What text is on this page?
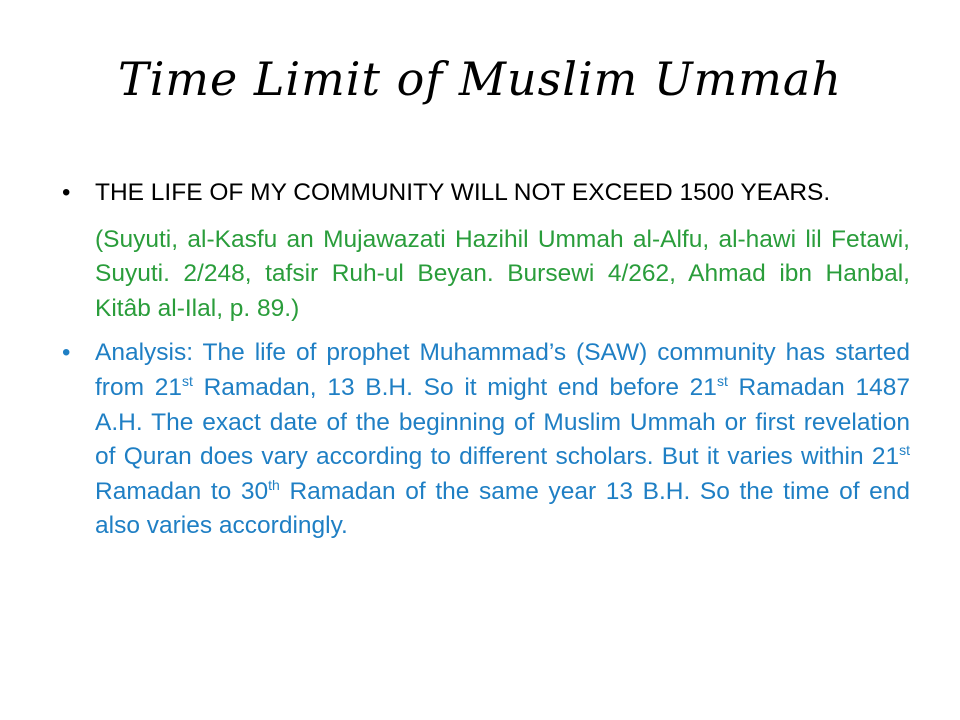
Time Limit of Muslim Ummah
• THE LIFE OF MY COMMUNITY WILL NOT EXCEED 1500 YEARS.
(Suyuti, al-Kasfu an Mujawazati Hazihil Ummah al-Alfu, al-hawi lil Fetawi, Suyuti. 2/248, tafsir Ruh-ul Beyan. Bursewi 4/262, Ahmad ibn Hanbal, Kitâb al-Ilal, p. 89.)
• Analysis: The life of prophet Muhammad’s (SAW) community has started from 21st Ramadan, 13 B.H. So it might end before 21st Ramadan 1487 A.H. The exact date of the beginning of Muslim Ummah or first revelation of Quran does vary according to different scholars. But it varies within 21st Ramadan to 30th Ramadan of the same year 13 B.H. So the time of end also varies accordingly.
